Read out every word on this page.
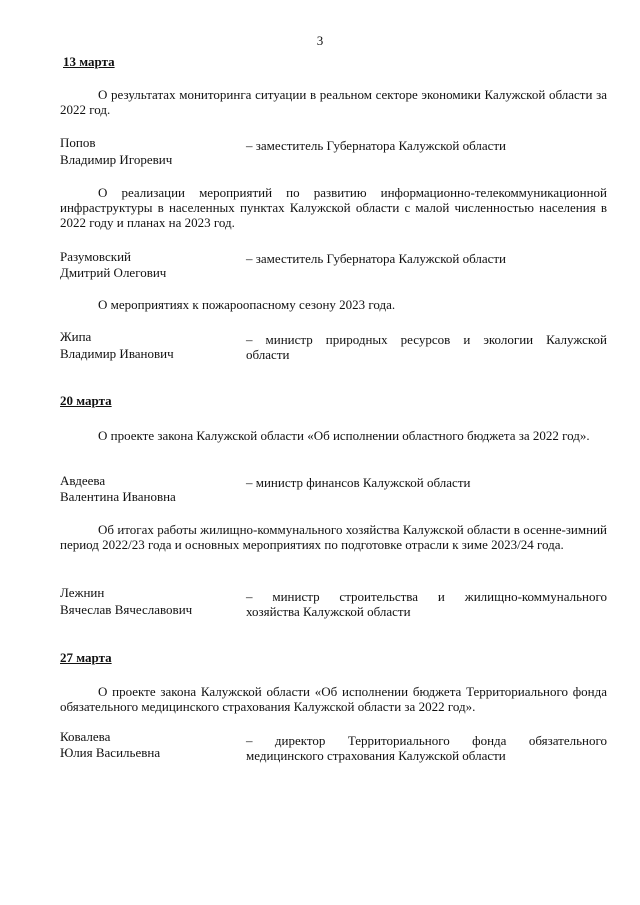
3
13 марта
О результатах мониторинга ситуации в реальном секторе экономики Калужской области за 2022 год.
Попов
Владимир Игоревич
– заместитель Губернатора Калужской области
О реализации мероприятий по развитию информационно-телекоммуникационной инфраструктуры в населенных пунктах Калужской области с малой численностью населения в 2022 году и планах на 2023 год.
Разумовский
Дмитрий Олегович
– заместитель Губернатора Калужской области
О мероприятиях к пожароопасному сезону 2023 года.
Жипа
Владимир Иванович
– министр природных ресурсов и экологии Калужской
области
20 марта
О проекте закона Калужской области «Об исполнении областного бюджета за 2022 год».
Авдеева
Валентина Ивановна
– министр финансов Калужской области
Об итогах работы жилищно-коммунального хозяйства Калужской области в осенне-зимний период 2022/23 года и основных мероприятиях по подготовке отрасли к зиме 2023/24 года.
Лежнин
Вячеслав Вячеславович
– министр строительства и жилищно-коммунального
хозяйства Калужской области
27 марта
О проекте закона Калужской области «Об исполнении бюджета Территориального фонда обязательного медицинского страхования Калужской области за 2022 год».
Ковалева
Юлия Васильевна
– директор Территориального фонда обязательного
медицинского страхования Калужской области
